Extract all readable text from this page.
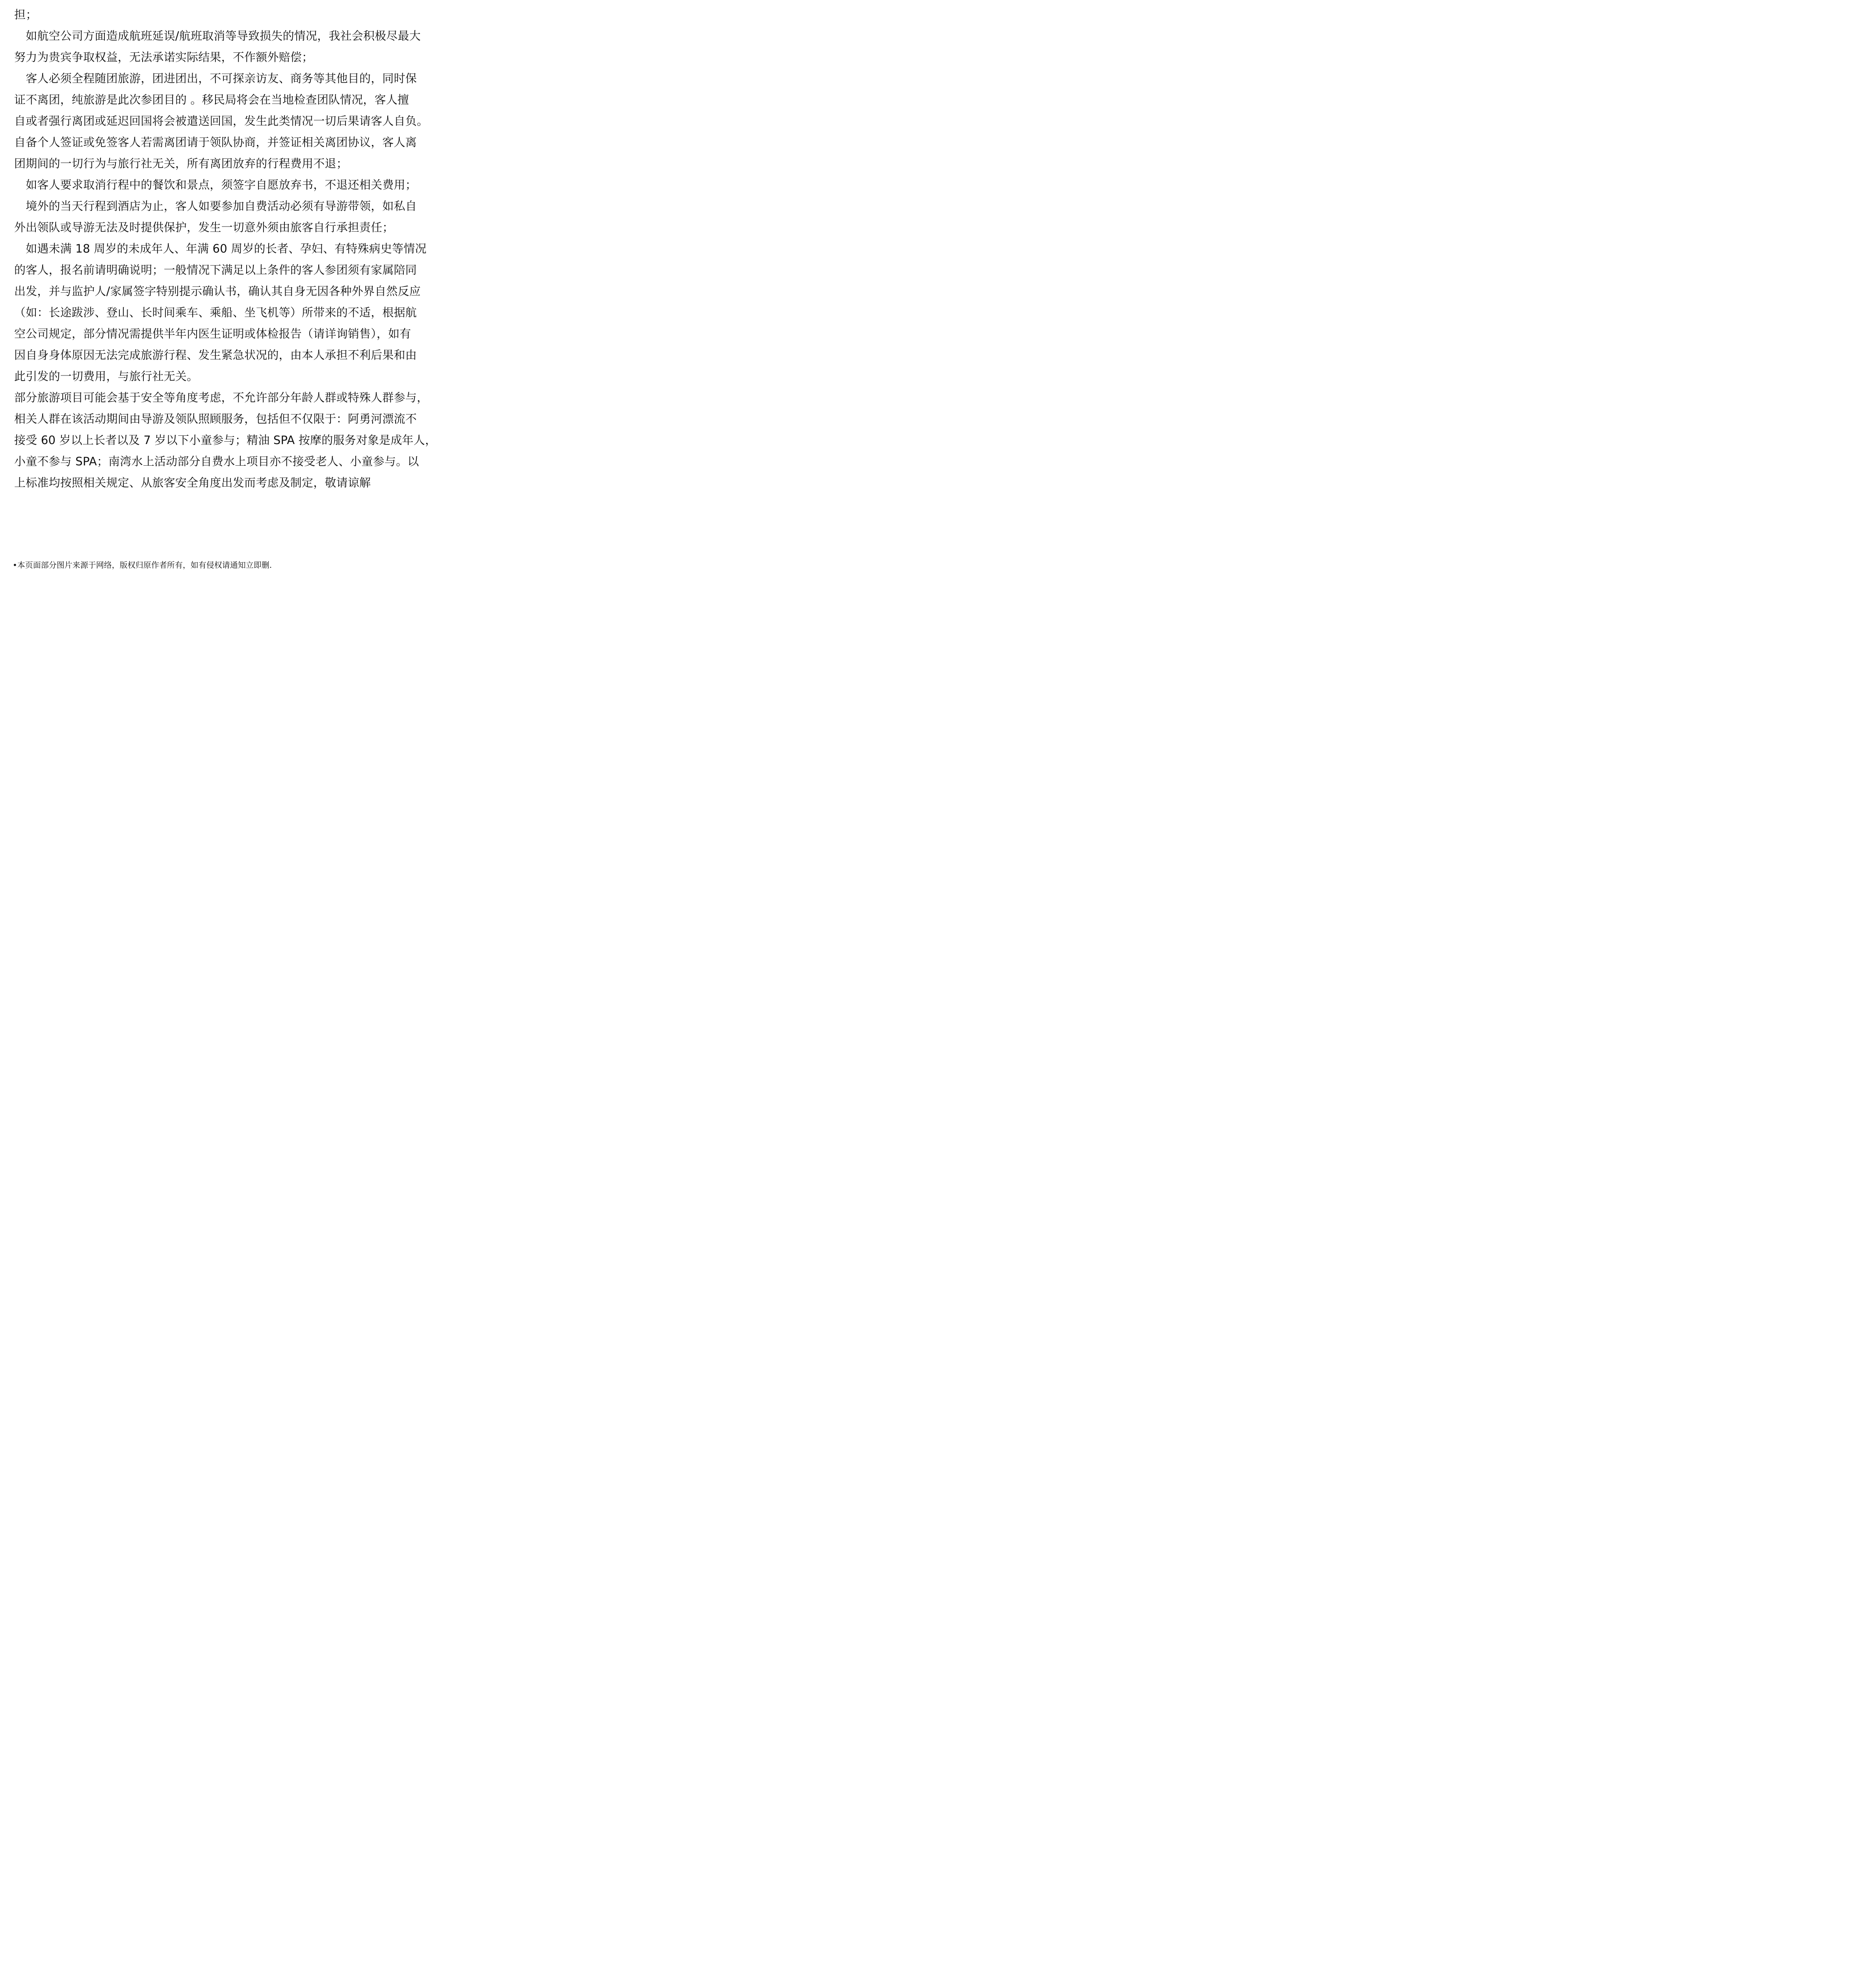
担；
　如航空公司方面造成航班延误/航班取消等导致损失的情况，我社会积极尽最大
努力为贵宾争取权益，无法承诺实际结果，不作额外赔偿；
　客人必须全程随团旅游，团进团出，不可探亲访友、商务等其他目的，同时保
证不离团，纯旅游是此次参团目的 。移民局将会在当地检查团队情况，客人擅
自或者强行离团或延迟回国将会被遣送回国，发生此类情况一切后果请客人自负。
自备个人签证或免签客人若需离团请于领队协商，并签证相关离团协议，客人离
团期间的一切行为与旅行社无关，所有离团放弃的行程费用不退；
　如客人要求取消行程中的餐饮和景点，须签字自愿放弃书，不退还相关费用；
　境外的当天行程到酒店为止，客人如要参加自费活动必须有导游带领，如私自
外出领队或导游无法及时提供保护，发生一切意外须由旅客自行承担责任；
　如遇未满 18 周岁的未成年人、年满 60 周岁的长者、孕妇、有特殊病史等情况
的客人，报名前请明确说明；一般情况下满足以上条件的客人参团须有家属陪同
出发，并与监护人/家属签字特别提示确认书，确认其自身无因各种外界自然反应
（如：长途跋涉、登山、长时间乘车、乘船、坐飞机等）所带来的不适，根据航
空公司规定，部分情况需提供半年内医生证明或体检报告（请详询销售），如有
因自身身体原因无法完成旅游行程、发生紧急状况的，由本人承担不利后果和由
此引发的一切费用，与旅行社无关。
部分旅游项目可能会基于安全等角度考虑，不允许部分年龄人群或特殊人群参与，
相关人群在该活动期间由导游及领队照顾服务，包括但不仅限于：阿勇河漂流不
接受 60 岁以上长者以及 7 岁以下小童参与；精油 SPA 按摩的服务对象是成年人，
小童不参与 SPA；南湾水上活动部分自费水上项目亦不接受老人、小童参与。以
上标准均按照相关规定、从旅客安全角度出发而考虑及制定，敬请谅解
•本页面部分图片来源于网络，版权归原作者所有，如有侵权请通知立即删.
